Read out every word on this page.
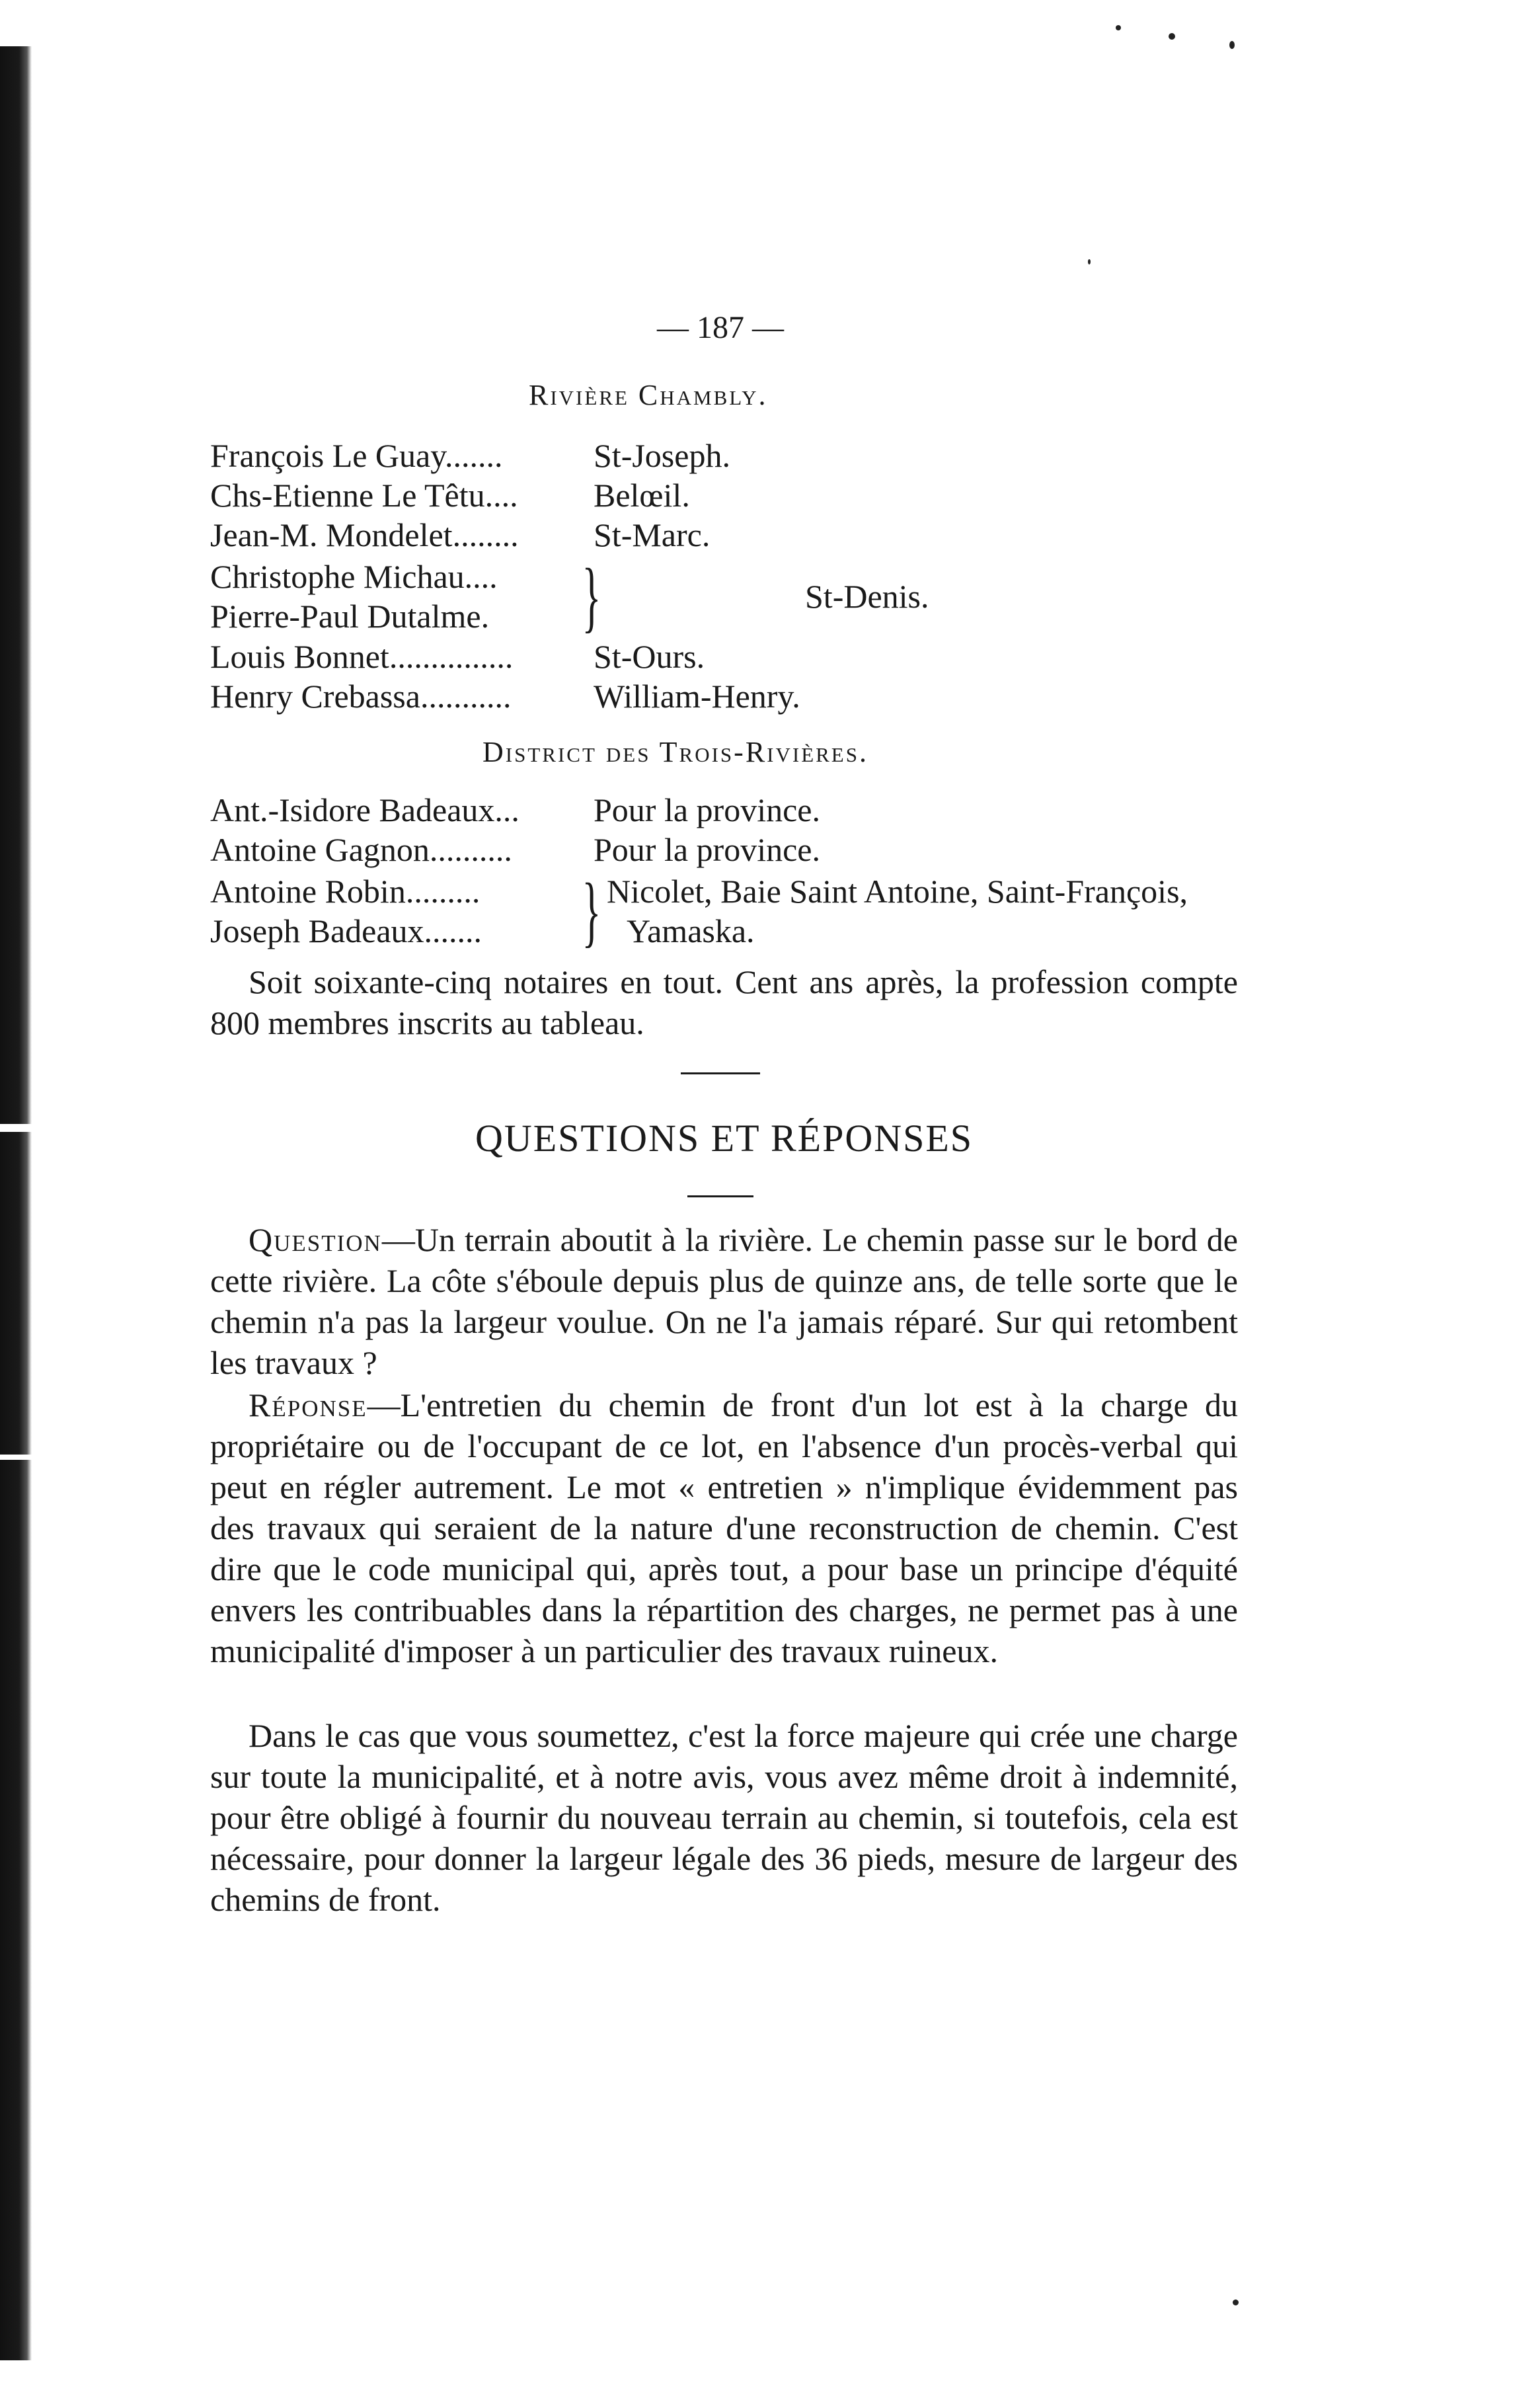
— 187 —
Rivière Chambly.
François Le Guay.......	St-Joseph.
Chs-Etienne Le Têtu.... Belœil.
Jean-M. Mondelet........ St-Marc.
Christophe Michau....
Pierre-Paul Dutalme.	}	St-Denis.
Louis Bonnet............... St-Ours.
Henry Crebassa........... William-Henry.
District des Trois-Rivières.
Ant.-Isidore Badeaux... Pour la province.
Antoine Gagnon.......... Pour la province.
Antoine Robin.........
Joseph Badeaux.......	} Nicolet, Baie Saint Antoine, Saint-François,
Yamaska.
Soit soixante-cinq notaires en tout. Cent ans après, la profession compte 800 membres inscrits au tableau.
QUESTIONS ET RÉPONSES
Question—Un terrain aboutit à la rivière. Le chemin passe sur le bord de cette rivière. La côte s'éboule depuis plus de quinze ans, de telle sorte que le chemin n'a pas la largeur voulue. On ne l'a jamais réparé. Sur qui retombent les travaux ?
Réponse—L'entretien du chemin de front d'un lot est à la charge du propriétaire ou de l'occupant de ce lot, en l'absence d'un procès-verbal qui peut en régler autrement. Le mot « entretien » n'implique évidemment pas des travaux qui seraient de la nature d'une reconstruction de chemin. C'est dire que le code municipal qui, après tout, a pour base un principe d'équité envers les contribuables dans la répartition des charges, ne permet pas à une municipalité d'imposer à un particulier des travaux ruineux.
Dans le cas que vous soumettez, c'est la force majeure qui crée une charge sur toute la municipalité, et à notre avis, vous avez même droit à indemnité, pour être obligé à fournir du nouveau terrain au chemin, si toutefois, cela est nécessaire, pour donner la largeur légale des 36 pieds, mesure de largeur des chemins de front.
